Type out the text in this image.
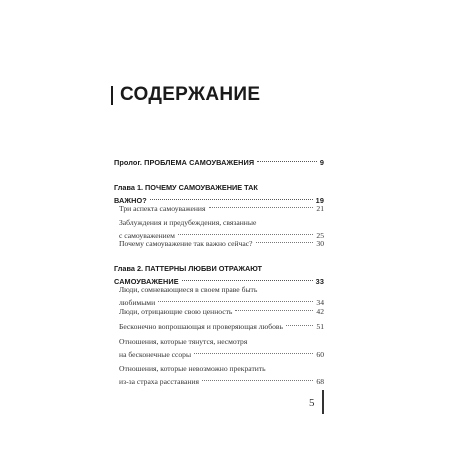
СОДЕРЖАНИЕ
Пролог. ПРОБЛЕМА САМОУВАЖЕНИЯ	9
Глава 1. ПОЧЕМУ САМОУВАЖЕНИЕ ТАК
ВАЖНО?	19
Три аспекта самоуважения	21
Заблуждения и предубеждения, связанные
с самоуважением	25
Почему самоуважение так важно сейчас?	30
Глава 2. ПАТТЕРНЫ ЛЮБВИ ОТРАЖАЮТ
САМОУВАЖЕНИЕ	33
Люди, сомневающиеся в своем праве быть
любимыми	34
Люди, отрицающие свою ценность	42
Бесконечно вопрошающая и проверяющая любовь	51
Отношения, которые тянутся, несмотря
на бесконечные ссоры	60
Отношения, которые невозможно прекратить
из-за страха расставания	68
5
